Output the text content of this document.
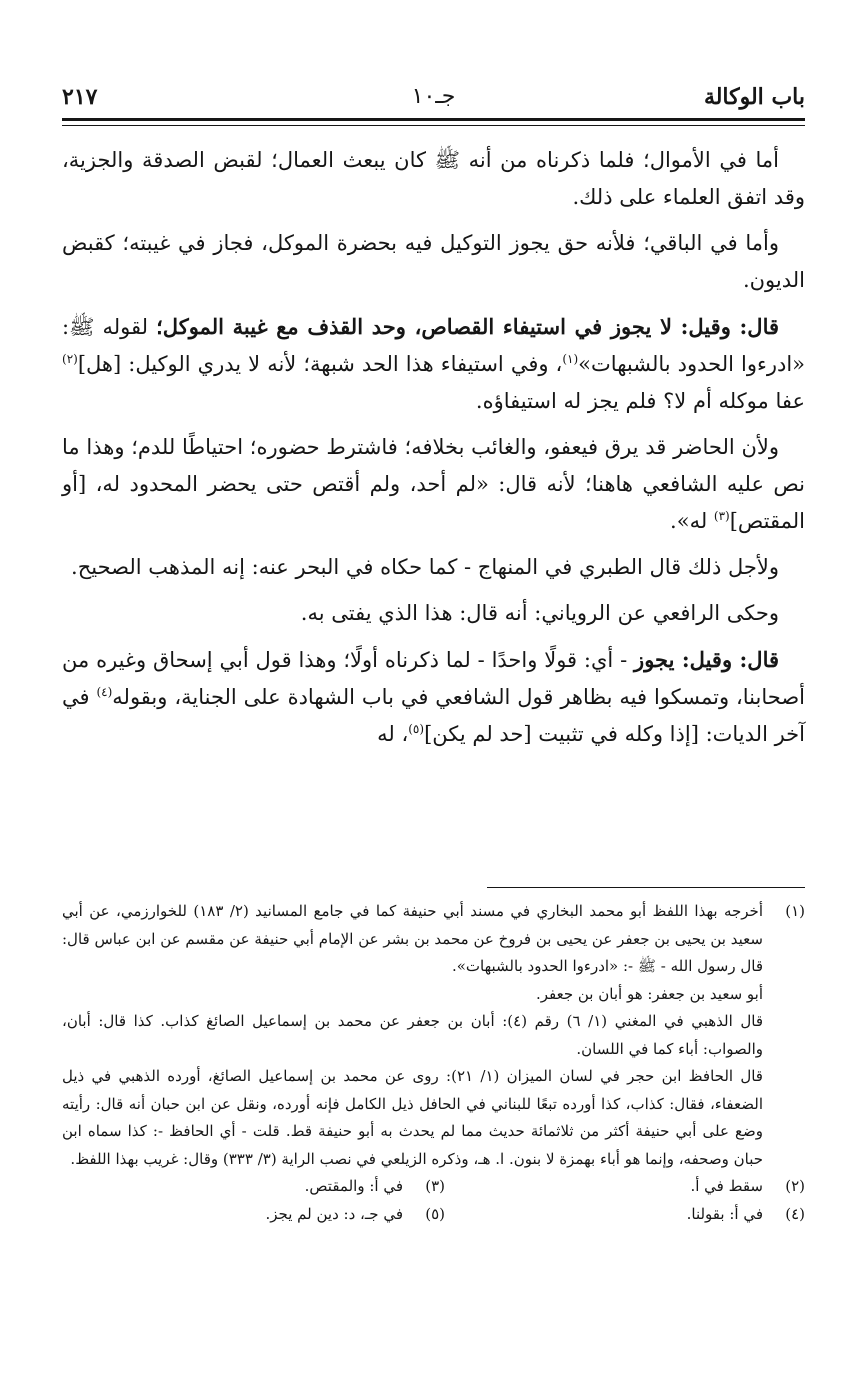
باب الوكالة
جـ١٠
٢١٧

أما في الأموال؛ فلما ذكرناه من أنه ﷺ كان يبعث العمال؛ لقبض الصدقة والجزية، وقد اتفق العلماء على ذلك.

وأما في الباقي؛ فلأنه حق يجوز التوكيل فيه بحضرة الموكل، فجاز في غيبته؛ كقبض الديون.

قال: وقيل: لا يجوز في استيفاء القصاص، وحد القذف مع غيبة الموكل؛ لقوله ﷺ: «ادرءوا الحدود بالشبهات»$^{(١)}$، وفي استيفاء هذا الحد شبهة؛ لأنه لا يدري الوكيل: [هل]$^{(٢)}$ عفا موكله أم لا؟ فلم يجز له استيفاؤه.

ولأن الحاضر قد يرق فيعفو، والغائب بخلافه؛ فاشترط حضوره؛ احتياطًا للدم؛ وهذا ما نص عليه الشافعي هاهنا؛ لأنه قال: «لم أحد، ولم أقتص حتى يحضر المحدود له، [أو المقتص]$^{(٣)}$ له».

ولأجل ذلك قال الطبري في المنهاج - كما حكاه في البحر عنه: إنه المذهب الصحيح.

وحكى الرافعي عن الروياني: أنه قال: هذا الذي يفتى به.

قال: وقيل: يجوز - أي: قولًا واحدًا - لما ذكرناه أولًا؛ وهذا قول أبي إسحاق وغيره من أصحابنا، وتمسكوا فيه بظاهر قول الشافعي في باب الشهادة على الجناية، وبقوله$^{(٤)}$ في آخر الديات: [إذا وكله في تثبيت [حد لم يكن]$^{(٥)}$، له

(١)
أخرجه بهذا اللفظ أبو محمد البخاري في مسند أبي حنيفة كما في جامع المسانيد (٢/ ١٨٣) للخوارزمي، عن أبي سعيد بن يحيى بن جعفر عن يحيى بن فروخ عن محمد بن بشر عن الإمام أبي حنيفة عن مقسم عن ابن عباس قال: قال رسول الله - ﷺ -: «ادرءوا الحدود بالشبهات».
أبو سعيد بن جعفر: هو أبان بن جعفر.
قال الذهبي في المغني (١/ ٦) رقم (٤): أبان بن جعفر عن محمد بن إسماعيل الصائغ كذاب. كذا قال: أبان، والصواب: أباء كما في اللسان.
قال الحافظ ابن حجر في لسان الميزان (١/ ٢١): روى عن محمد بن إسماعيل الصائغ، أورده الذهبي في ذيل الضعفاء، فقال: كذاب، كذا أورده تبعًا للبناني في الحافل ذيل الكامل فإنه أورده، ونقل عن ابن حبان أنه قال: رأيته وضع على أبي حنيفة أكثر من ثلاثمائة حديث مما لم يحدث به أبو حنيفة قط. قلت - أي الحافظ -: كذا سماه ابن حبان وصحفه، وإنما هو أباء بهمزة لا بنون. ا. هـ، وذكره الزيلعي في نصب الراية (٣/ ٣٣٣) وقال: غريب بهذا اللفظ.
(٢)
سقط في أ.
(٣)
في أ: والمقتص.
(٤)
في أ: بقولنا.
(٥)
في جـ، د: دين لم يجز.
